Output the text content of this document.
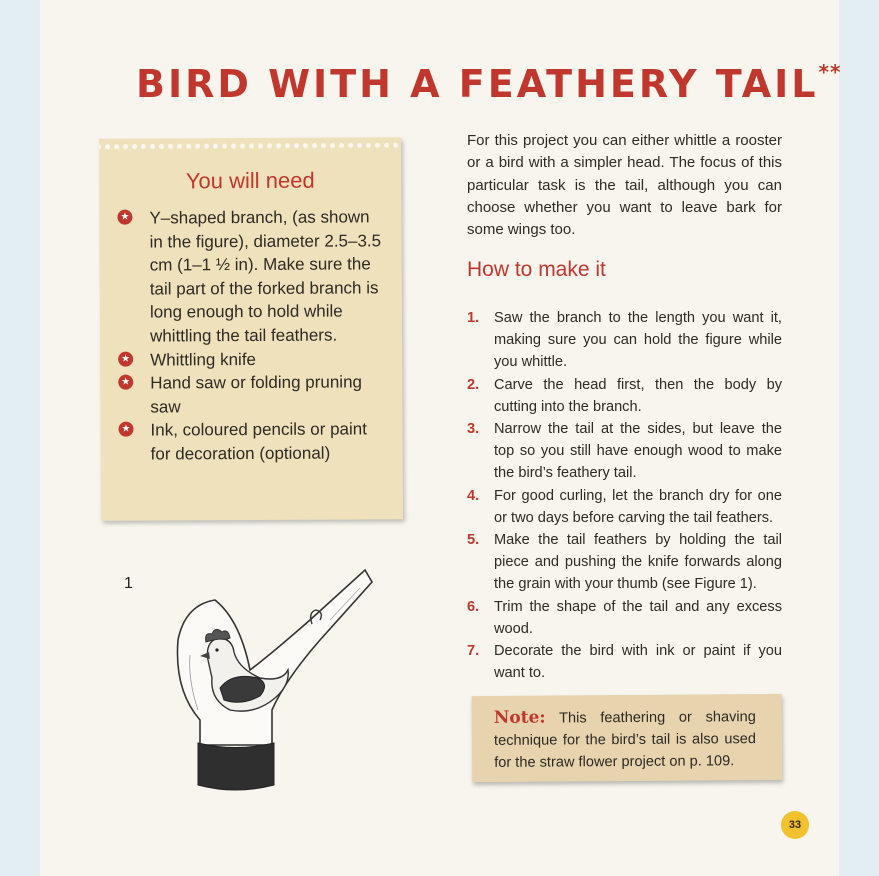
BIRD WITH A FEATHERY TAIL**
You will need
★ Y–shaped branch, (as shown in the figure), diameter 2.5–3.5 cm (1–1 ½ in). Make sure the tail part of the forked branch is long enough to hold while whittling the tail feathers.
★ Whittling knife
★ Hand saw or folding pruning saw
★ Ink, coloured pencils or paint for decoration (optional)
1

For this project you can either whittle a rooster or a bird with a simpler head. The focus of this particular task is the tail, although you can choose whether you want to leave bark for some wings too.

How to make it
1. Saw the branch to the length you want it, making sure you can hold the figure while you whittle.
2. Carve the head first, then the body by cutting into the branch.
3. Narrow the tail at the sides, but leave the top so you still have enough wood to make the bird’s feathery tail.
4. For good curling, let the branch dry for one or two days before carving the tail feathers.
5. Make the tail feathers by holding the tail piece and pushing the knife forwards along the grain with your thumb (see Figure 1).
6. Trim the shape of the tail and any excess wood.
7. Decorate the bird with ink or paint if you want to.

Note: This feathering or shaving technique for the bird’s tail is also used for the straw flower project on p. 109.

33
